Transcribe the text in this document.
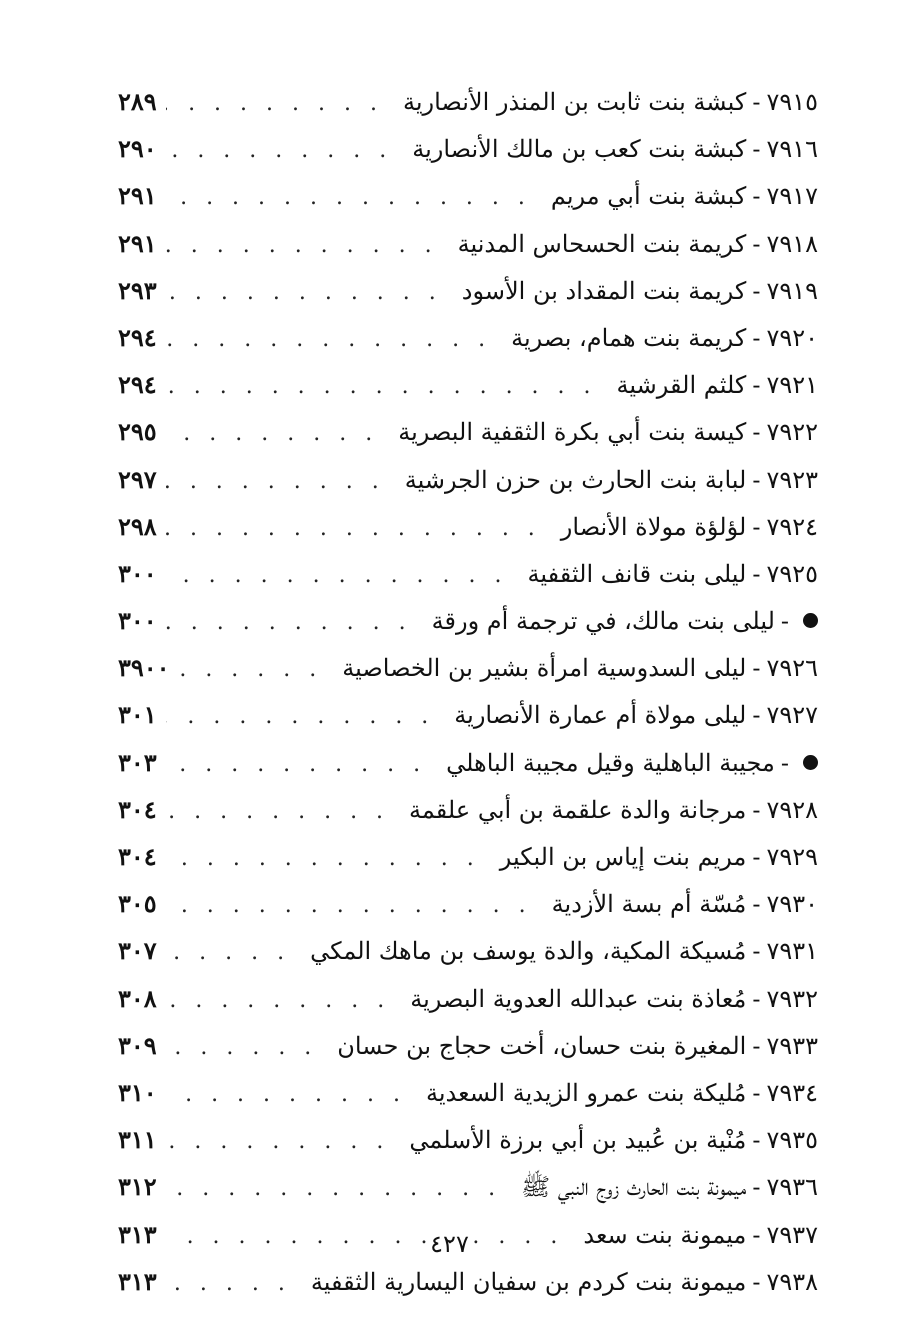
٧٩١٥-كبشة بنت ثابت بن المنذر الأنصارية
. . .
٢٨٩
٧٩١٦-كبشة بنت كعب بن مالك الأنصارية
. . .
٢٩٠
٧٩١٧-كبشة بنت أبي مريم
. . .
٢٩١
٧٩١٨-كريمة بنت الحسحاس المدنية
. . .
٢٩١
٧٩١٩-كريمة بنت المقداد بن الأسود
. . .
٢٩٣
٧٩٢٠-كريمة بنت همام، بصرية
. . .
٢٩٤
٧٩٢١-كلثم القرشية
. . .
٢٩٤
٧٩٢٢-كيسة بنت أبي بكرة الثقفية البصرية
. . .
٢٩٥
٧٩٢٣-لبابة بنت الحارث بن حزن الجرشية
. . .
٢٩٧
٧٩٢٤-لؤلؤة مولاة الأنصار
. . .
٢٩٨
٧٩٢٥-ليلى بنت قانف الثقفية
. . .
٣٠٠
-ليلى بنت مالك، في ترجمة أم ورقة
. . .
٣٠٠
٧٩٢٦-ليلى السدوسية امرأة بشير بن الخصاصية
. . .
٣٩٠٠
٧٩٢٧-ليلى مولاة أم عمارة الأنصارية
. . .
٣٠١
-مجيبة الباهلية وقيل مجيبة الباهلي
. . .
٣٠٣
٧٩٢٨-مرجانة والدة علقمة بن أبي علقمة
. . .
٣٠٤
٧٩٢٩-مريم بنت إياس بن البكير
. . .
٣٠٤
٧٩٣٠-مُسّة أم بسة الأزدية
. . .
٣٠٥
٧٩٣١-مُسيكة المكية، والدة يوسف بن ماهك المكي
. . .
٣٠٧
٧٩٣٢-مُعاذة بنت عبدالله العدوية البصرية
. . .
٣٠٨
٧٩٣٣-المغيرة بنت حسان، أخت حجاج بن حسان
. . .
٣٠٩
٧٩٣٤-مُليكة بنت عمرو الزيدية السعدية
. . .
٣١٠
٧٩٣٥-مُنْية بن عُبيد بن أبي برزة الأسلمي
. . .
٣١١
٧٩٣٦-ميمونة بنت الحارث زوج النبي ﷺ
. . .
٣١٢
٧٩٣٧-ميمونة بنت سعد
. . .
٣١٣
٧٩٣٨-ميمونة بنت كردم بن سفيان اليسارية الثقفية
. . .
٣١٣
٤٢٧
